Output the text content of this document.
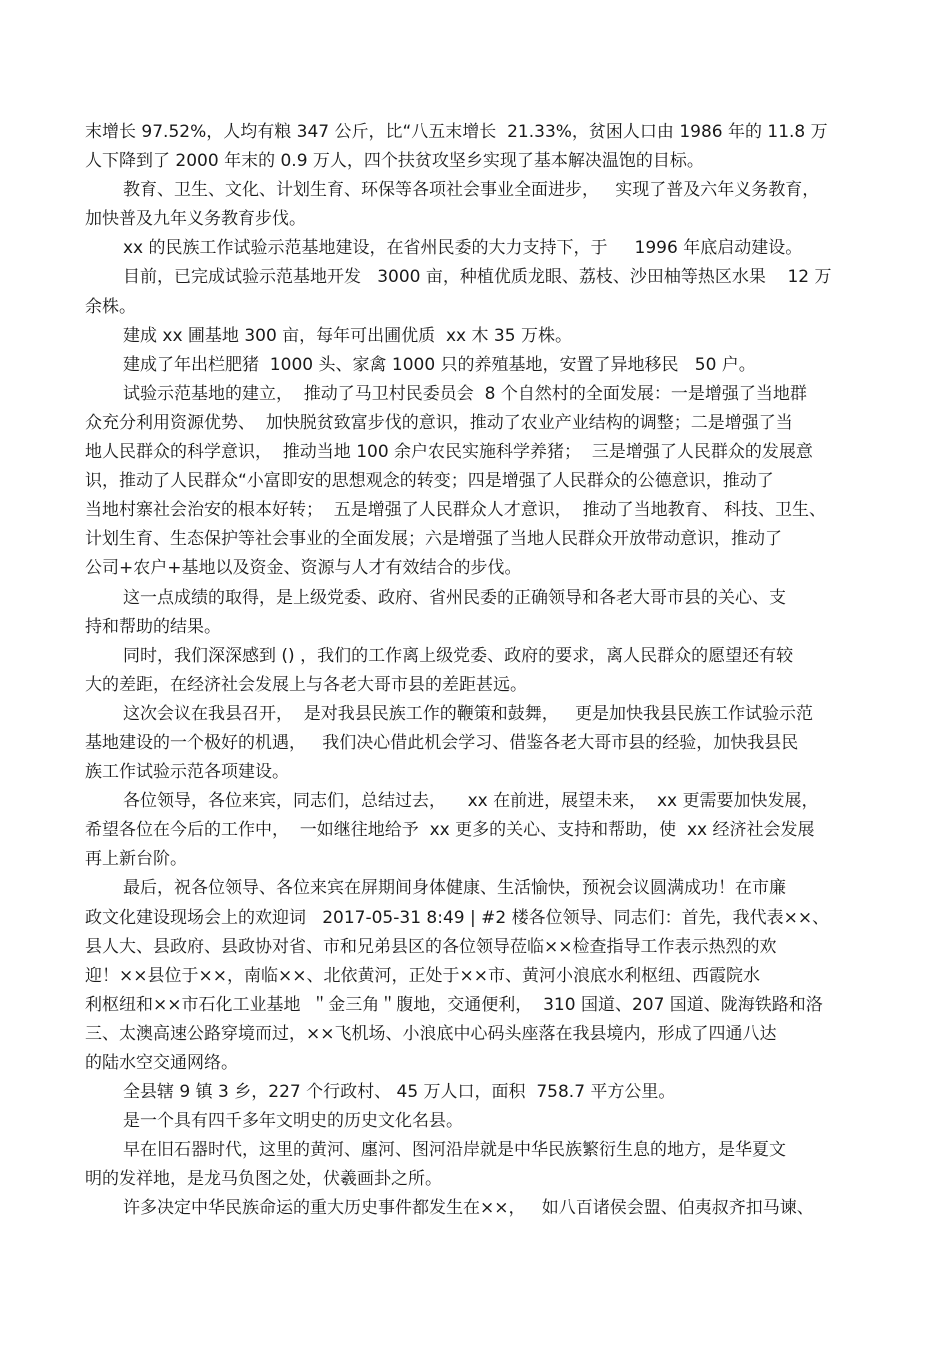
末增长 97.52%，人均有粮 347 公斤，比“八五末增长  21.33%，贫困人口由 1986 年的 11.8 万
人下降到了 2000 年末的 0.9 万人，四个扶贫攻坚乡实现了基本解决温饱的目标。
教育、卫生、文化、计划生育、环保等各项社会事业全面进步，   实现了普及六年义务教育，
加快普及九年义务教育步伐。
xx 的民族工作试验示范基地建设，在省州民委的大力支持下，于     1996 年底启动建设。
目前，已完成试验示范基地开发   3000 亩，种植优质龙眼、荔枝、沙田柚等热区水果    12 万
余株。
建成 xx 圃基地 300 亩，每年可出圃优质  xx 木 35 万株。
建成了年出栏肥猪  1000 头、家禽 1000 只的养殖基地，安置了异地移民   50 户。
试验示范基地的建立，  推动了马卫村民委员会  8 个自然村的全面发展：一是增强了当地群
众充分利用资源优势、  加快脱贫致富步伐的意识，推动了农业产业结构的调整；二是增强了当
地人民群众的科学意识，  推动当地 100 余户农民实施科学养猪；  三是增强了人民群众的发展意
识，推动了人民群众“小富即安的思想观念的转变；四是增强了人民群众的公德意识，推动了
当地村寨社会治安的根本好转；  五是增强了人民群众人才意识，  推动了当地教育、 科技、卫生、
计划生育、生态保护等社会事业的全面发展；六是增强了当地人民群众开放带动意识，推动了
公司+农户+基地以及资金、资源与人才有效结合的步伐。
这一点成绩的取得，是上级党委、政府、省州民委的正确领导和各老大哥市县的关心、支
持和帮助的结果。
同时，我们深深感到 () ，我们的工作离上级党委、政府的要求，离人民群众的愿望还有较
大的差距，在经济社会发展上与各老大哥市县的差距甚远。
这次会议在我县召开，  是对我县民族工作的鞭策和鼓舞，   更是加快我县民族工作试验示范
基地建设的一个极好的机遇，   我们决心借此机会学习、借鉴各老大哥市县的经验，加快我县民
族工作试验示范各项建设。
各位领导，各位来宾，同志们，总结过去，    xx 在前进，展望未来，  xx 更需要加快发展，
希望各位在今后的工作中，  一如继往地给予  xx 更多的关心、支持和帮助，使  xx 经济社会发展
再上新台阶。
最后，祝各位领导、各位来宾在屏期间身体健康、生活愉快，预祝会议圆满成功！在市廉
政文化建设现场会上的欢迎词   2017-05-31 8:49 | #2 楼各位领导、同志们：首先，我代表××、
县人大、县政府、县政协对省、市和兄弟县区的各位领导莅临××检查指导工作表示热烈的欢
迎！××县位于××，南临××、北依黄河，正处于××市、黄河小浪底水利枢纽、西霞院水
利枢纽和××市石化工业基地  ＂金三角＂腹地，交通便利，  310 国道、207 国道、陇海铁路和洛
三、太澳高速公路穿境而过，××飞机场、小浪底中心码头座落在我县境内，形成了四通八达
的陆水空交通网络。
全县辖 9 镇 3 乡，227 个行政村、 45 万人口，面积  758.7 平方公里。
是一个具有四千多年文明史的历史文化名县。
早在旧石器时代，这里的黄河、廛河、图河沿岸就是中华民族繁衍生息的地方，是华夏文
明的发祥地，是龙马负图之处，伏羲画卦之所。
许多决定中华民族命运的重大历史事件都发生在××，   如八百诸侯会盟、伯夷叔齐扣马谏、
